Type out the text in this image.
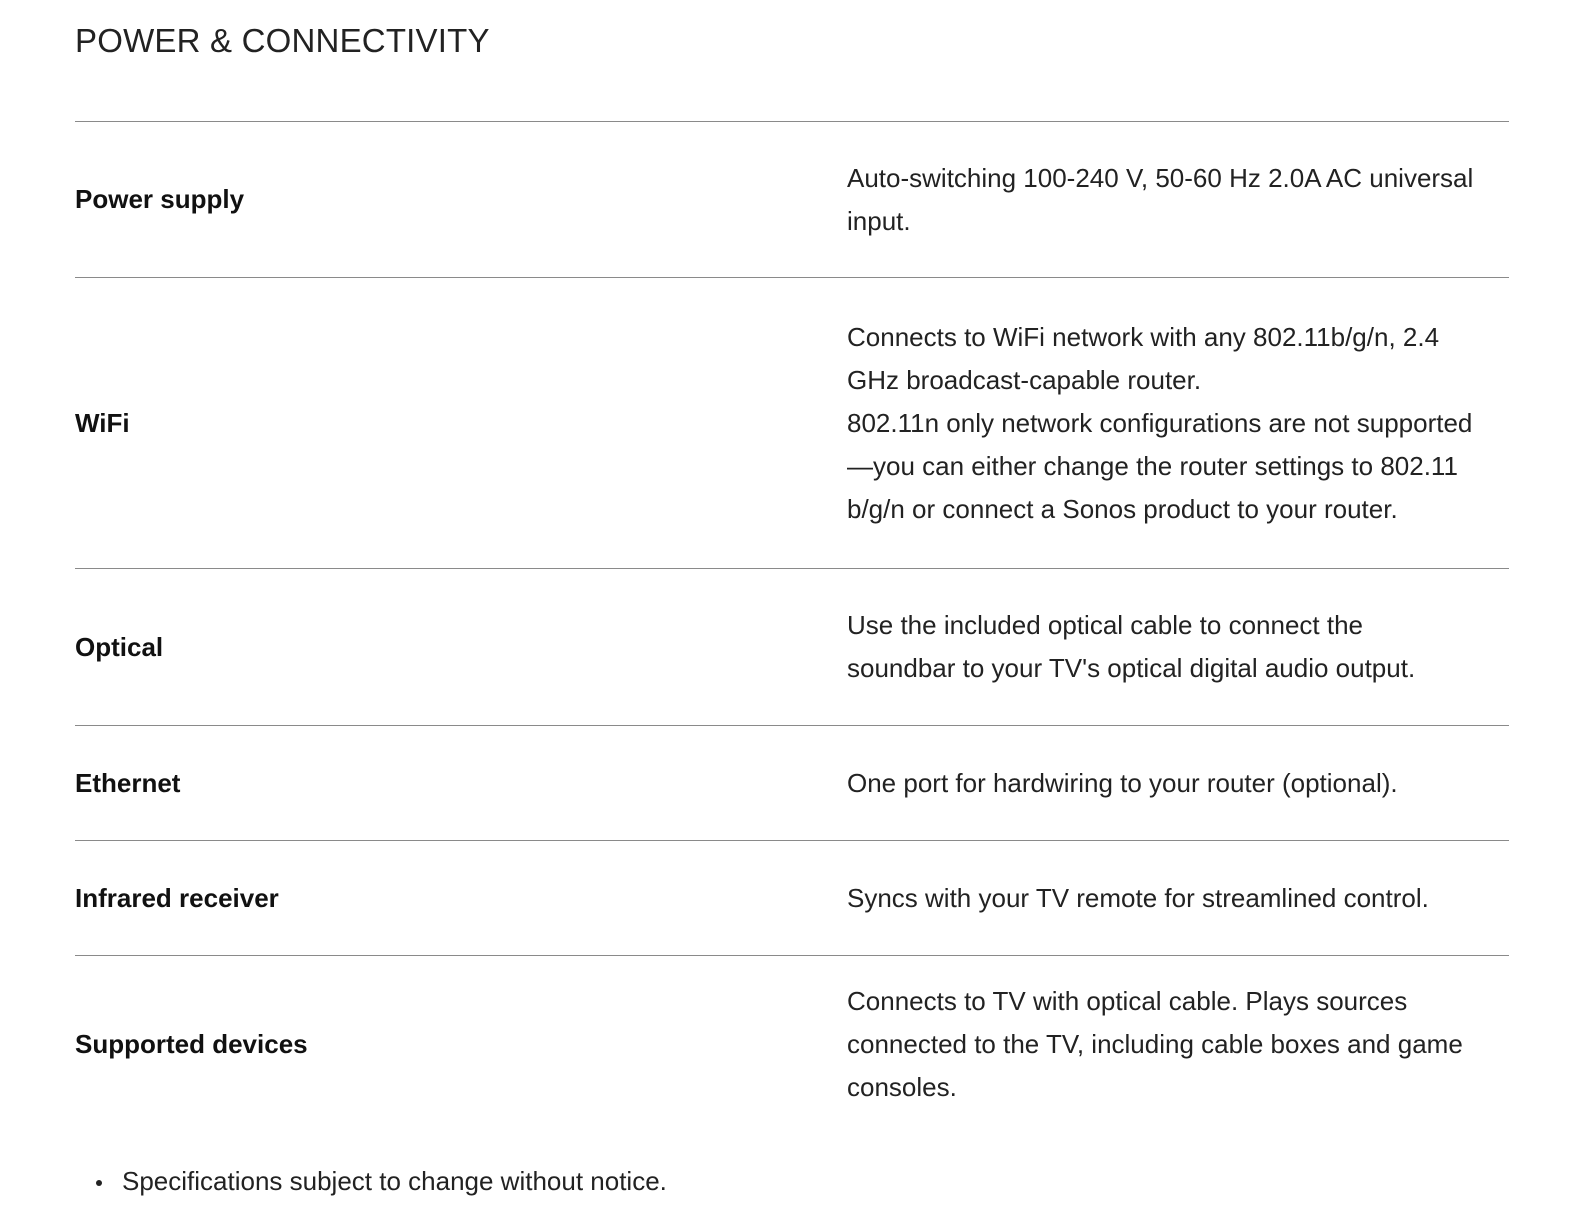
POWER & CONNECTIVITY
Power supply
Auto-switching 100-240 V, 50-60 Hz 2.0A AC universal
input.
WiFi
Connects to WiFi network with any 802.11b/g/n, 2.4
GHz broadcast-capable router.
802.11n only network configurations are not supported
—you can either change the router settings to 802.11
b/g/n or connect a Sonos product to your router.
Optical
Use the included optical cable to connect the
soundbar to your TV's optical digital audio output.
Ethernet	One port for hardwiring to your router (optional).
Infrared receiver	Syncs with your TV remote for streamlined control.
Supported devices
Connects to TV with optical cable. Plays sources
connected to the TV, including cable boxes and game
consoles.
Specifications subject to change without notice.
